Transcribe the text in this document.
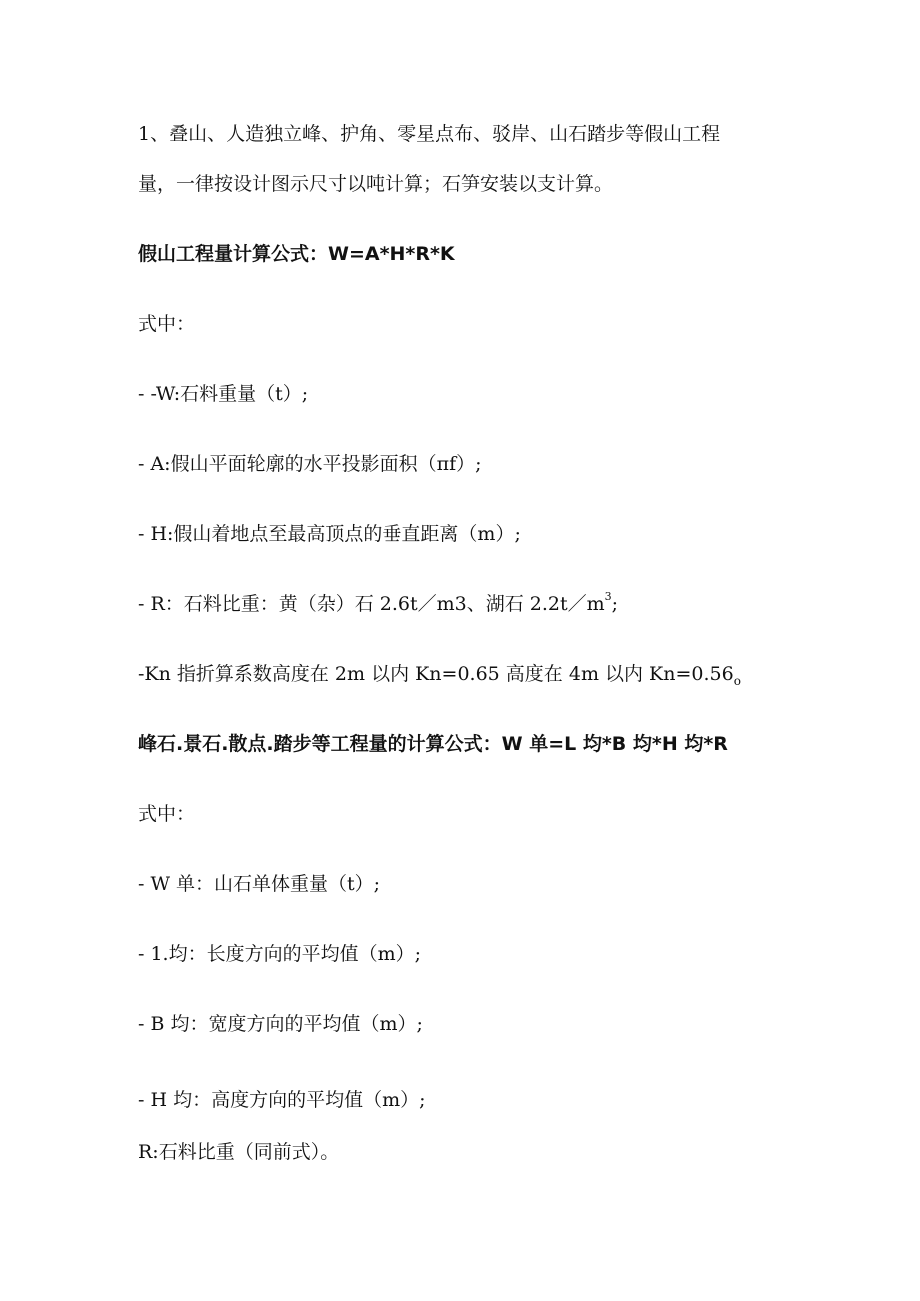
1、叠山、人造独立峰、护角、零星点布、驳岸、山石踏步等假山工程
量，一律按设计图示尺寸以吨计算；石笋安装以支计算。
假山工程量计算公式：W=A*H*R*K
式中：
- -W:石料重量（t）;
- A:假山平面轮廓的水平投影面积（πf）;
- H:假山着地点至最高顶点的垂直距离（m）;
- R：石料比重：黄（杂）石 2.6t／m3、湖石 $2.2t/m^3$;
-Kn 指折算系数高度在 2m 以内 Kn=0.65 高度在 4m 以内 $Kn=0.56_o$
峰石.景石.散点.踏步等工程量的计算公式：W 单=L 均*B 均*H 均*R
式中：
- W 单：山石单体重量（t）;
- 1.均：长度方向的平均值（m）;
- B 均：宽度方向的平均值（m）;
- H 均：高度方向的平均值（m）;
R:石料比重（同前式）。
